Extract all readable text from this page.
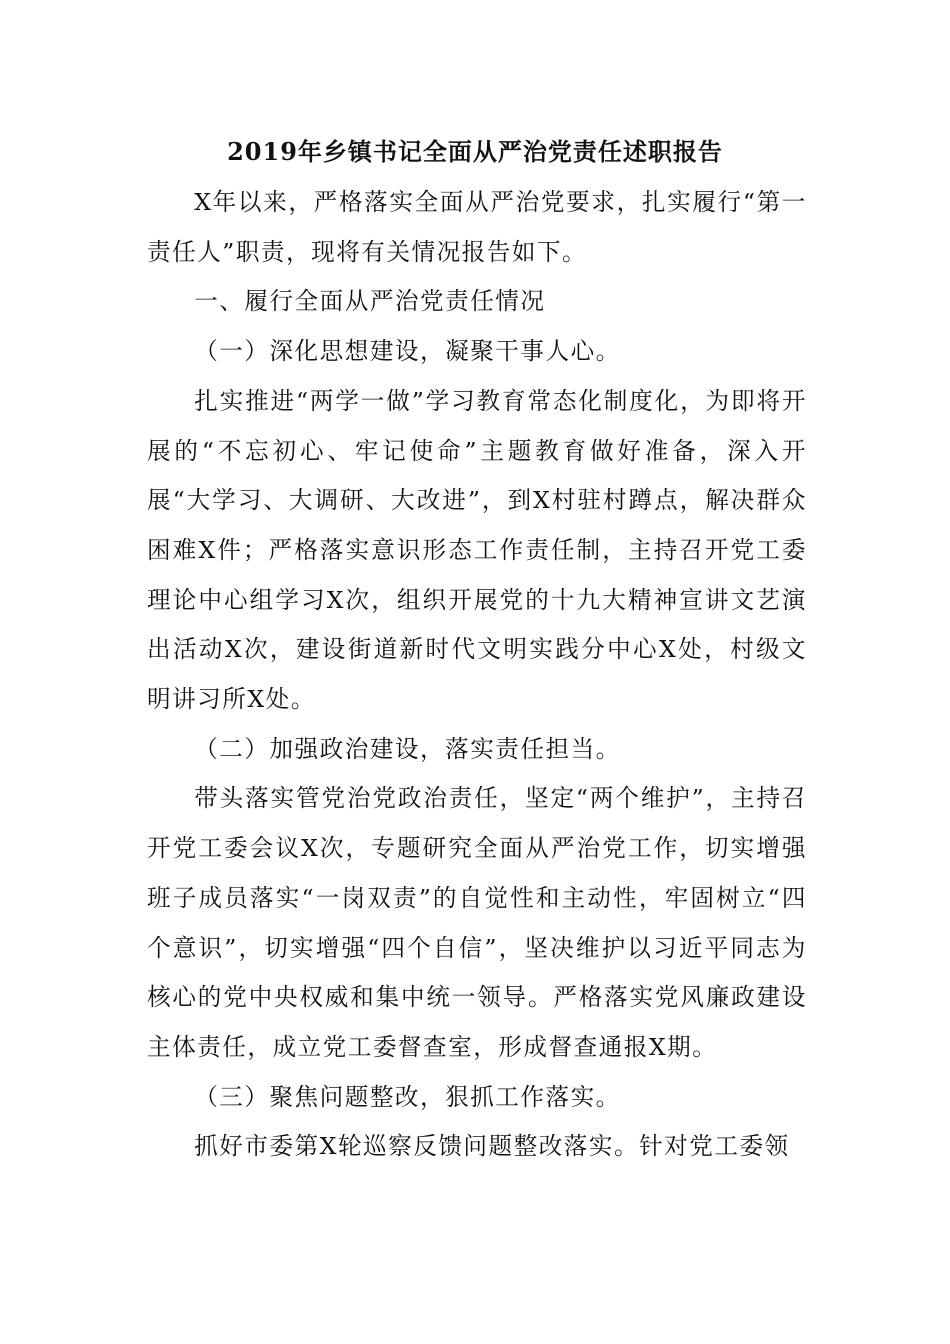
2019年乡镇书记全面从严治党责任述职报告

X年以来，严格落实全面从严治党要求，扎实履行“第一责任人”职责，现将有关情况报告如下。

一、履行全面从严治党责任情况

（一）深化思想建设，凝聚干事人心。

扎实推进“两学一做”学习教育常态化制度化，为即将开展的“不忘初心、牢记使命”主题教育做好准备，深入开展“大学习、大调研、大改进”，到X村驻村蹲点，解决群众困难X件；严格落实意识形态工作责任制，主持召开党工委理论中心组学习X次，组织开展党的十九大精神宣讲文艺演出活动X次，建设街道新时代文明实践分中心X处，村级文明讲习所X处。

（二）加强政治建设，落实责任担当。

带头落实管党治党政治责任，坚定“两个维护”，主持召开党工委会议X次，专题研究全面从严治党工作，切实增强班子成员落实“一岗双责”的自觉性和主动性，牢固树立“四个意识”，切实增强“四个自信”，坚决维护以习近平同志为核心的党中央权威和集中统一领导。严格落实党风廉政建设主体责任，成立党工委督查室，形成督查通报X期。

（三）聚焦问题整改，狠抓工作落实。

抓好市委第X轮巡察反馈问题整改落实。针对党工委领
